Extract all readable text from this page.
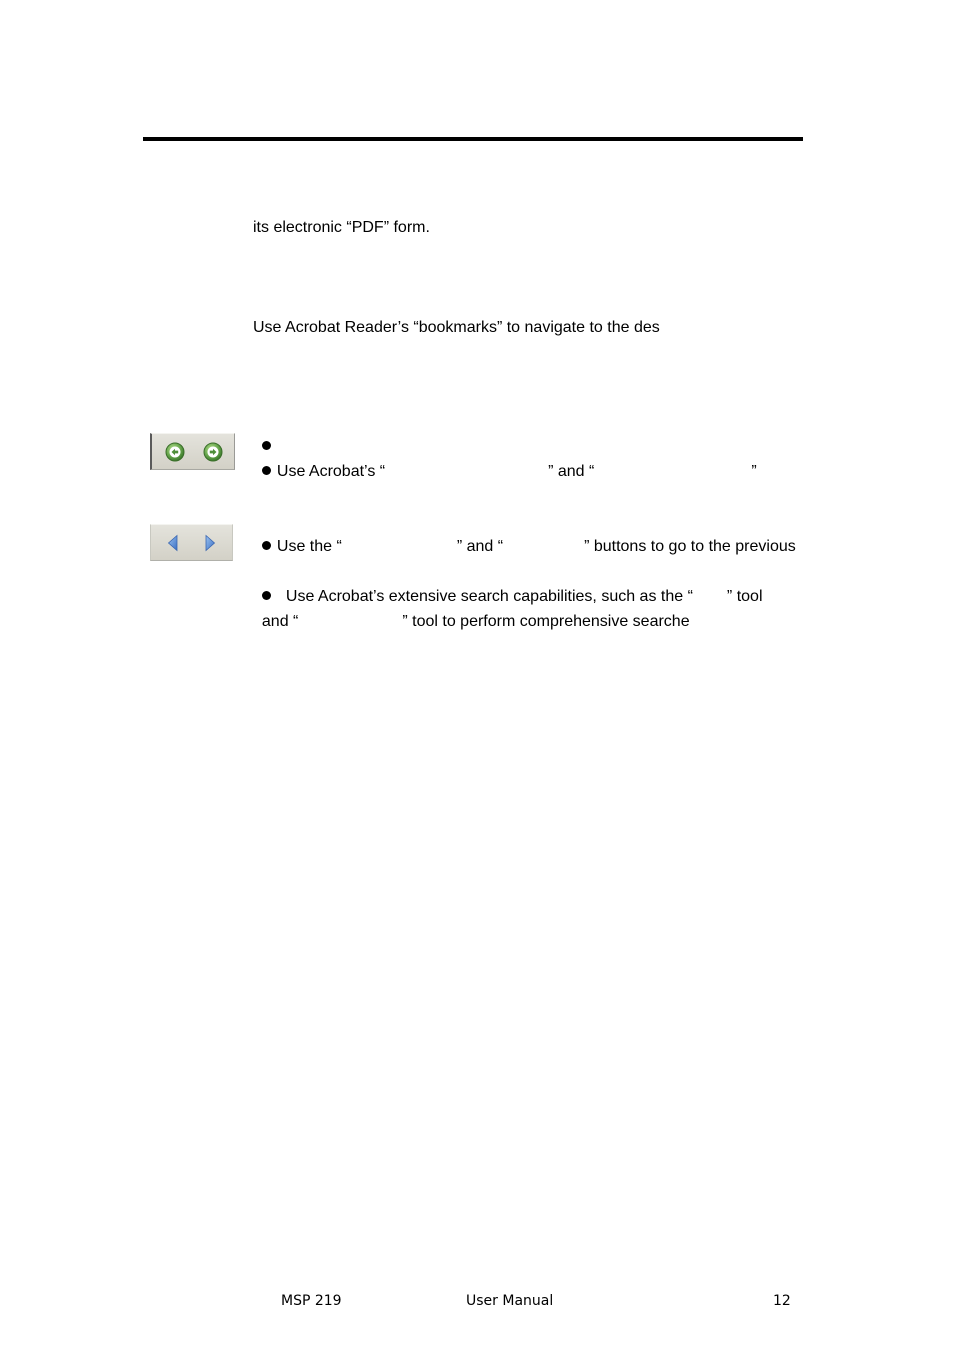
its electronic “PDF” form.
Use Acrobat Reader’s “bookmarks” to navigate to the des

Use Acrobat’s “	” and “	”

Use the “	” and “	” buttons to go to the previous

Use Acrobat’s extensive search capabilities, such as the “ ” tool

and “	” tool to perform comprehensive searche

MSP 219	User Manual	12
